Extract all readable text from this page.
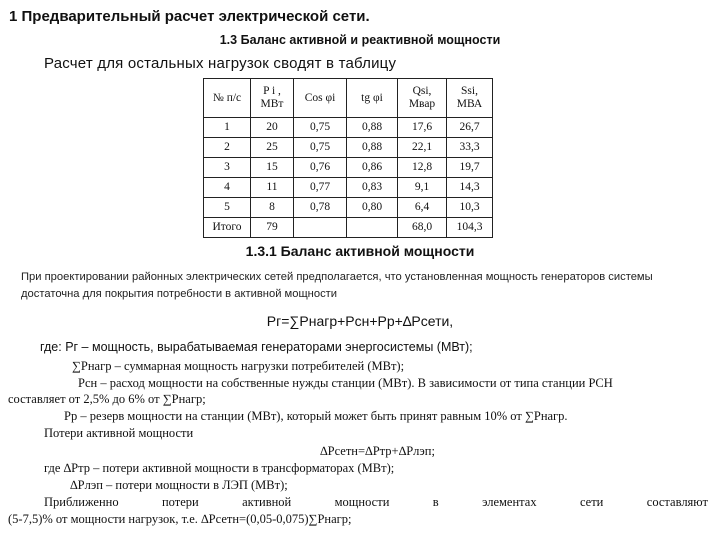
1 Предварительный расчет электрической сети.
1.3 Баланс активной и реактивной мощности
Расчет для остальных нагрузок сводят в таблицу
№ п/с	P i , МВт	Cos φi	tg φi	Qsi, Мвар	Ssi, МВА
1	20	0,75	0,88	17,6	26,7
2	25	0,75	0,88	22,1	33,3
3	15	0,76	0,86	12,8	19,7
4	11	0,77	0,83	9,1	14,3
5	8	0,78	0,80	6,4	10,3
Итого	79			68,0	104,3
1.3.1 Баланс активной мощности
При проектировании районных электрических сетей предполагается, что установленная мощность генераторов системы достаточна для покрытия потребности в активной мощности
Pг=∑Pнагр+Pсн+Pр+∆Pсети,
где: Pг – мощность, вырабатываемая генераторами энергосистемы (МВт);
∑Pнагр – суммарная мощность нагрузки потребителей (МВт);
Pсн – расход мощности на собственные нужды станции (МВт). В зависимости от типа станции PСН
составляет от 2,5% до 6% от ∑Pнагр;
Pр – резерв мощности на станции (МВт), который может быть принят равным 10% от ∑Pнагр.
Потери активной мощности
∆Pсетн=∆Pтр+∆Pлэп;
где ∆Pтр – потери активной мощности в трансформаторах (МВт);
∆Pлэп – потери мощности в ЛЭП (МВт);
Приближенно	потери	активной	мощности	в	элементах	сети	составляют
(5-7,5)% от мощности нагрузок, т.е. ∆Pсетн=(0,05-0,075)∑Pнагр;
